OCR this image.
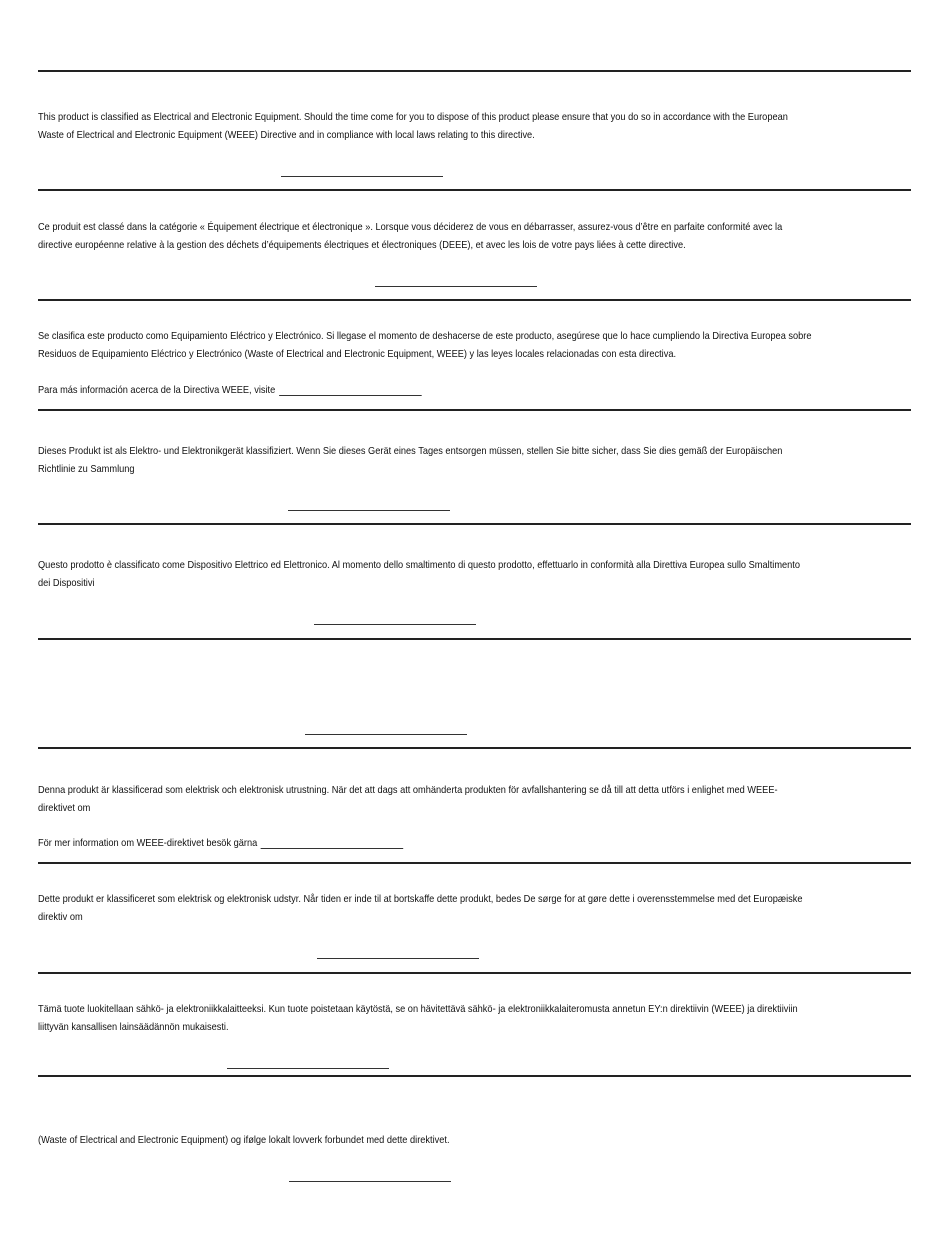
This product is classified as Electrical and Electronic Equipment. Should the time come for you to dispose of this product please ensure that you do so in accordance with the European Waste of Electrical and Electronic Equipment (WEEE) Directive and in compliance with local laws relating to this directive.
Ce produit est classé dans la catégorie « Équipement électrique et électronique ». Lorsque vous déciderez de vous en débarrasser, assurez-vous d’être en parfaite conformité avec la directive européenne relative à la gestion des déchets d’équipements électriques et électroniques (DEEE), et avec les lois de votre pays liées à cette directive.
Se clasifica este producto como Equipamiento Eléctrico y Electrónico. Si llegase el momento de deshacerse de este producto, asegúrese que lo hace cumpliendo la Directiva Europea sobre Residuos de Equipamiento Eléctrico y Electrónico (Waste of Electrical and Electronic Equipment, WEEE) y las leyes locales relacionadas con esta directiva.
Para más información acerca de la Directiva WEEE, visite
Dieses Produkt ist als Elektro- und Elektronikgerät klassifiziert. Wenn Sie dieses Gerät eines Tages entsorgen müssen, stellen Sie bitte sicher, dass Sie dies gemäß der Europäischen Richtlinie zu Sammlung
Questo prodotto è classificato come Dispositivo Elettrico ed Elettronico. Al momento dello smaltimento di questo prodotto, effettuarlo in conformità alla Direttiva Europea sullo Smaltimento dei Dispositivi
Denna produkt är klassificerad som elektrisk och elektronisk utrustning. När det att dags att omhänderta produkten för avfallshantering se då till att detta utförs i enlighet med WEEE-direktivet om
För mer information om WEEE-direktivet besök gärna
Dette produkt er klassificeret som elektrisk og elektronisk udstyr. Når tiden er inde til at bortskaffe dette produkt, bedes De sørge for at gøre dette i overensstemmelse med det Europæiske direktiv om
Tämä tuote luokitellaan sähkö- ja elektroniikkalaitteeksi. Kun tuote poistetaan käytöstä, se on hävitettävä sähkö- ja elektroniikkalaiteromusta annetun EY:n direktiivin (WEEE) ja direktiiviin liittyvän kansallisen lainsäädännön mukaisesti.
(Waste of Electrical and Electronic Equipment) og ifølge lokalt lovverk forbundet med dette direktivet.
